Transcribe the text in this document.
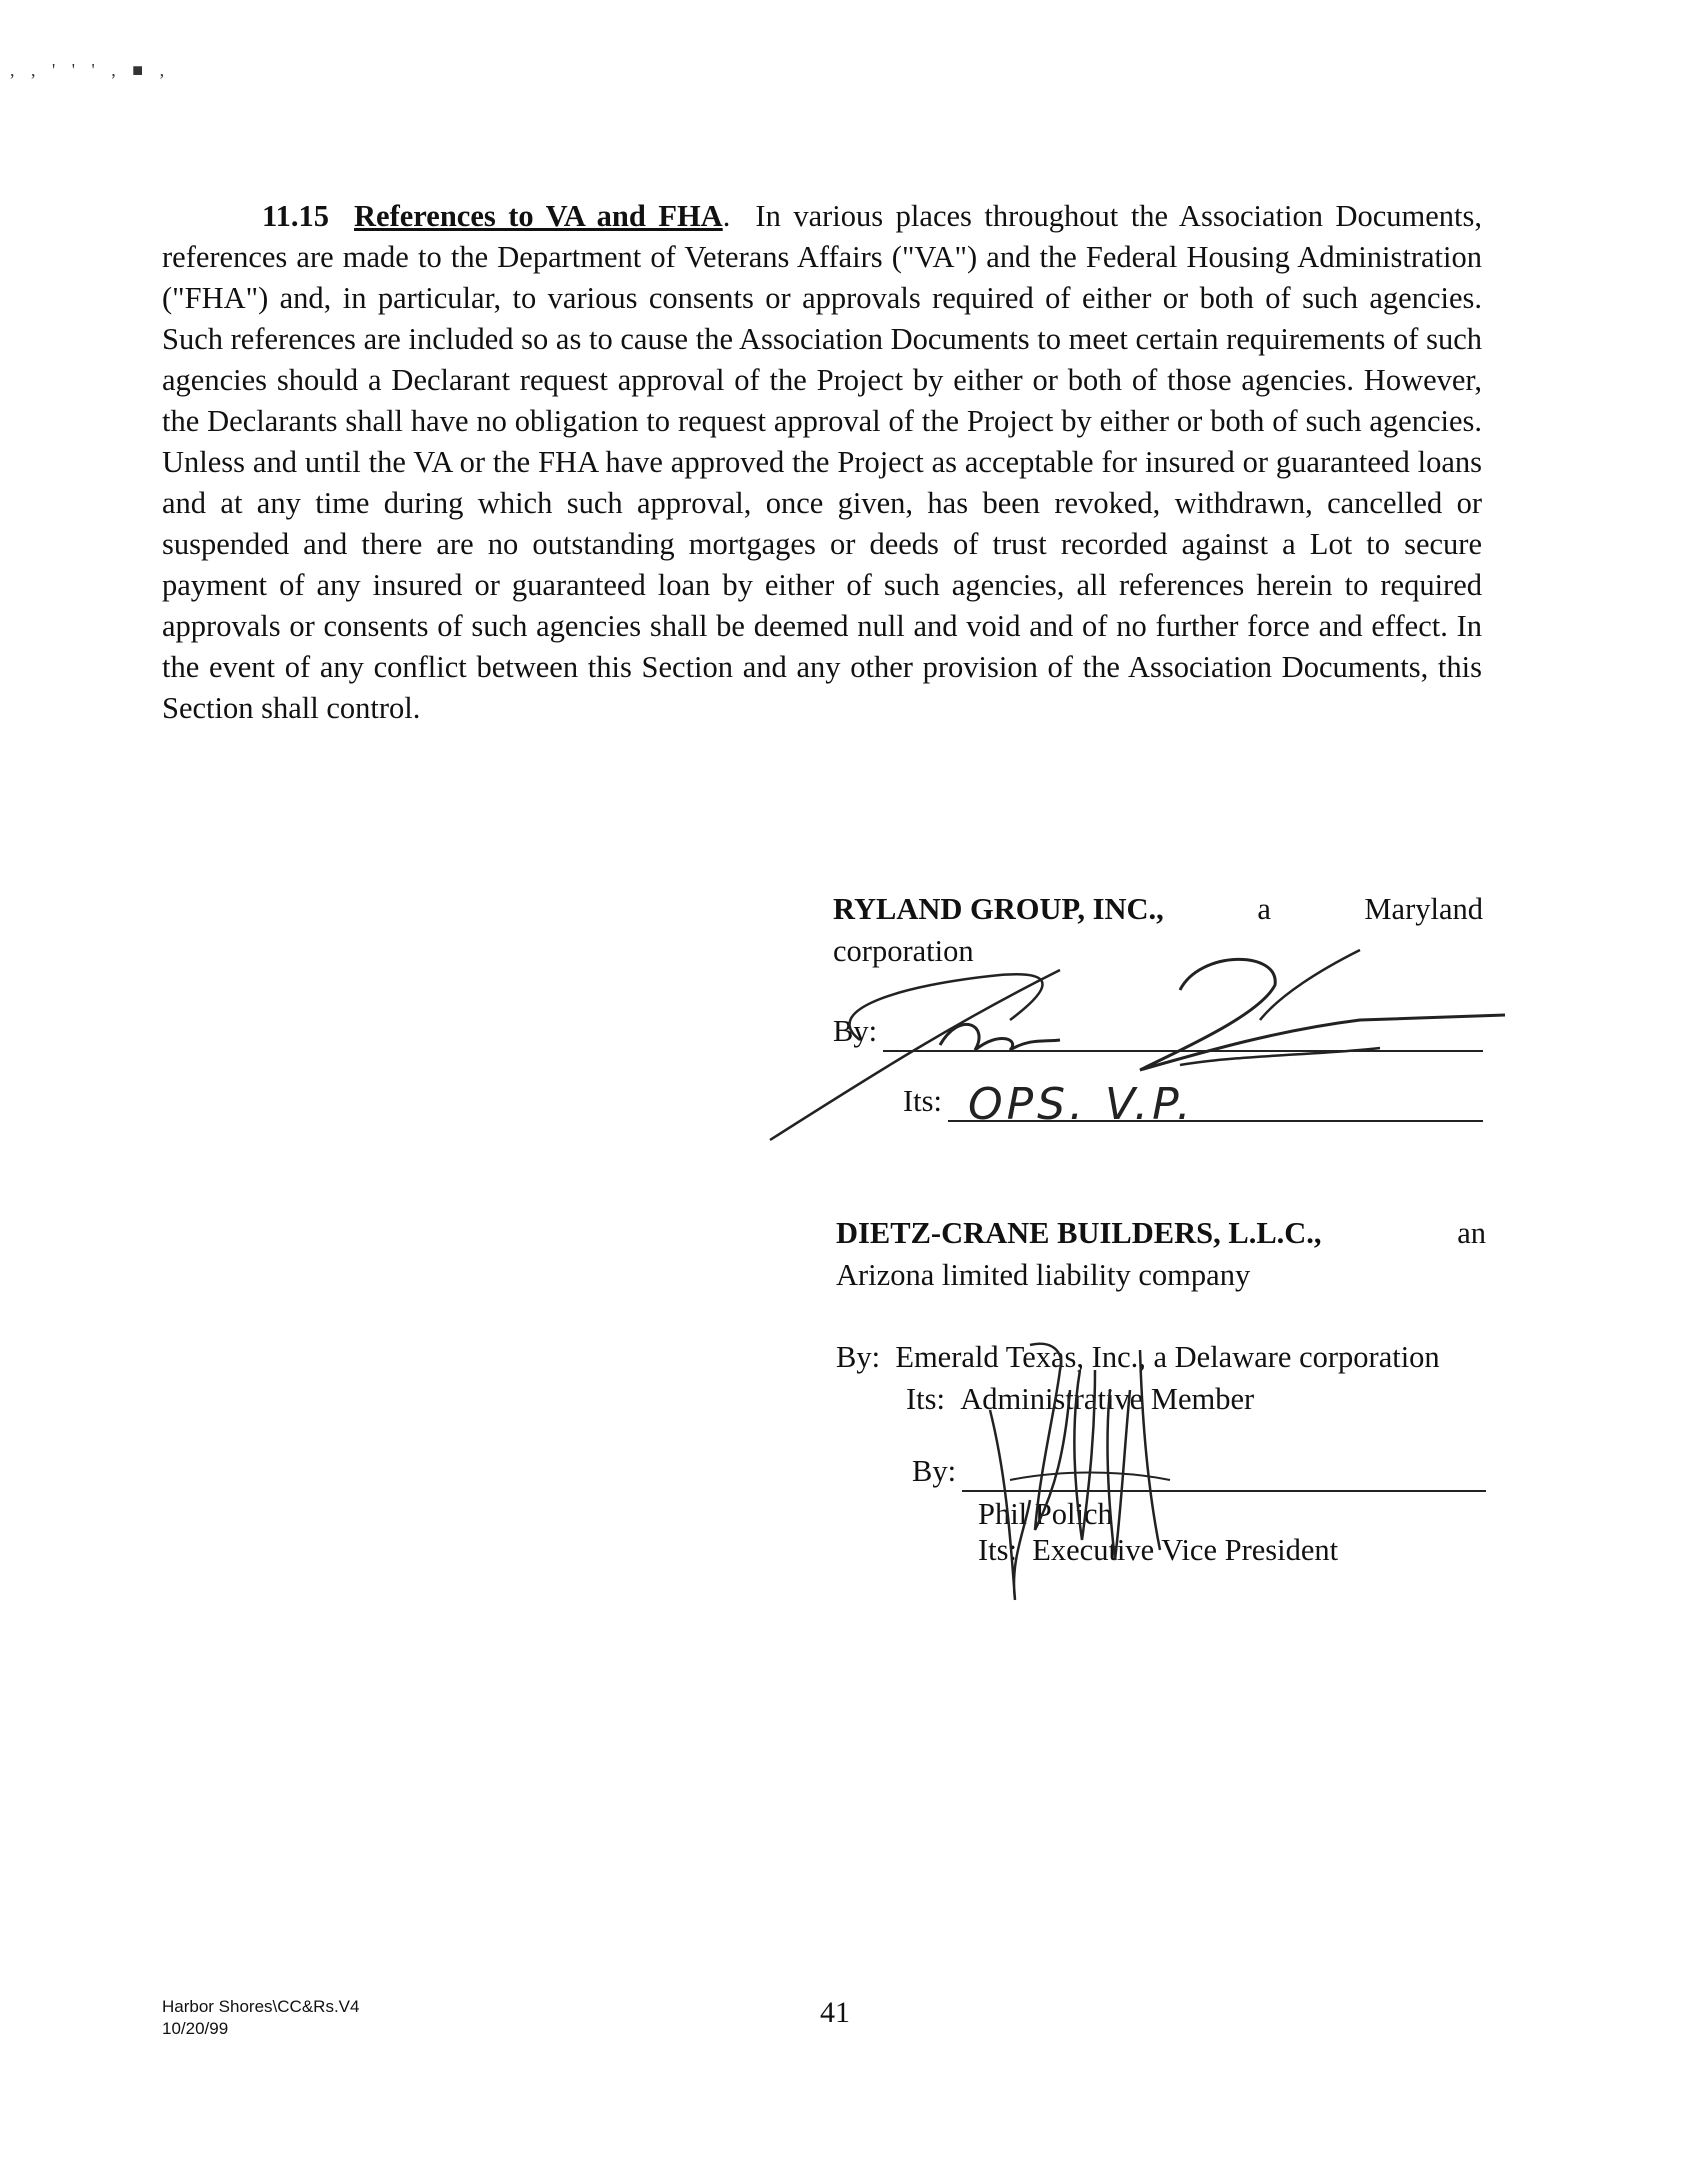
, , ' ' ' , ■ ,
11.15 References to VA and FHA. In various places throughout the Association Documents, references are made to the Department of Veterans Affairs ("VA") and the Federal Housing Administration ("FHA") and, in particular, to various consents or approvals required of either or both of such agencies. Such references are included so as to cause the Association Documents to meet certain requirements of such agencies should a Declarant request approval of the Project by either or both of those agencies. However, the Declarants shall have no obligation to request approval of the Project by either or both of such agencies. Unless and until the VA or the FHA have approved the Project as acceptable for insured or guaranteed loans and at any time during which such approval, once given, has been revoked, withdrawn, cancelled or suspended and there are no outstanding mortgages or deeds of trust recorded against a Lot to secure payment of any insured or guaranteed loan by either of such agencies, all references herein to required approvals or consents of such agencies shall be deemed null and void and of no further force and effect. In the event of any conflict between this Section and any other provision of the Association Documents, this Section shall control.
RYLAND GROUP, INC.,	a	Maryland
corporation
By:
Its: OPS. V.P.
DIETZ-CRANE BUILDERS, L.L.C.,	an
Arizona limited liability company
By: Emerald Texas, Inc., a Delaware corporation
Its: Administrative Member
By:
Phil Polich
Its: Executive Vice President
Harbor Shores\CC&Rs.V4
10/20/99	41
